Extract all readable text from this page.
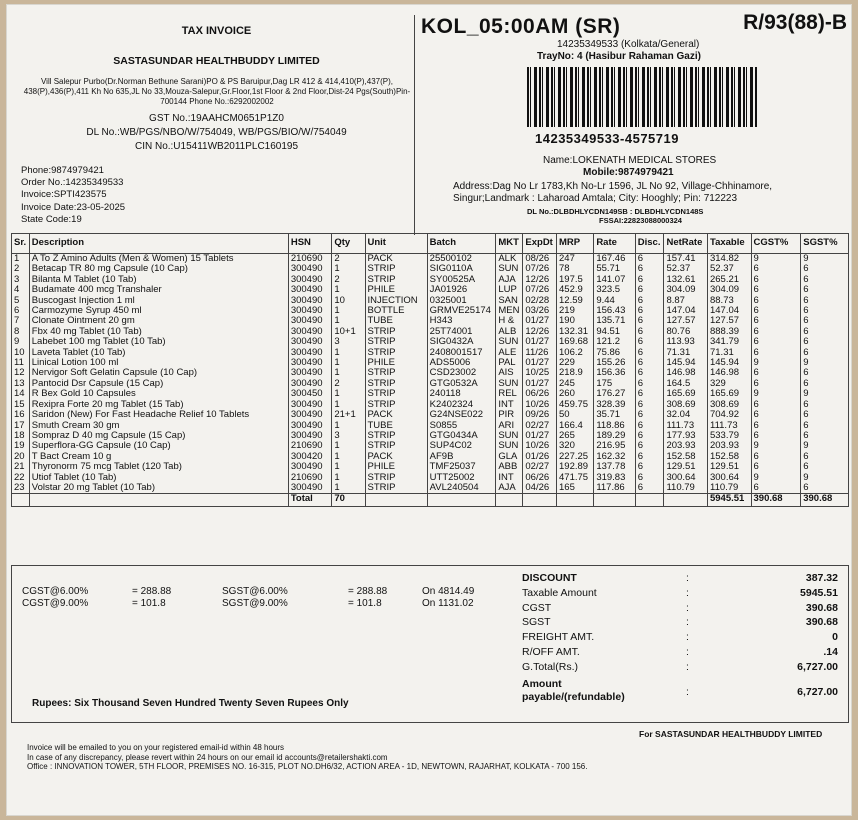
TAX INVOICE
SASTASUNDAR HEALTHBUDDY LIMITED
Vill Salepur Purbo(Dr.Norman Bethune Sarani)PO & PS Baruipur,Dag LR 412 & 414,410(P),437(P), 438(P),436(P),411 Kh No 635,JL No 33,Mouza-Salepur,Gr.Floor,1st Floor & 2nd Floor,Dist-24 Pgs(South)Pin-700144 Phone No.:6292002002
GST No.:19AAHCM0651P1Z0
DL No.:WB/PGS/NBO/W/754049, WB/PGS/BIO/W/754049
CIN No.:U15411WB2011PLC160195
Phone:9874979421
Order No.:14235349533
Invoice:SPTI423575
Invoice Date:23-05-2025
State Code:19
KOL_05:00AM (SR)	R/93(88)-B
14235349533 (Kolkata/General)
TrayNo: 4 (Hasibur Rahaman Gazi)
14235349533-4575719
Name:LOKENATH MEDICAL STORES
Mobile:9874979421
Address:Dag No Lr 1783,Kh No-Lr 1596, JL No 92, Village-Chhinamore, Singur;Landmark : Laharoad Amtala; City: Hooghly; Pin: 712223
DL No.:DLBDHLYCDN149SB : DLBDHLYCDN148S
FSSAI:22823088000324
Sr.	Description	HSN	Qty	Unit	Batch	MKT	ExpDt	MRP	Rate	Disc.	NetRate	Taxable	CGST%	SGST%
1	A To Z Amino Adults (Men & Women) 15 Tablets	210690	2	PACK	25500102	ALK	08/26	247	167.46	6	157.41	314.82	9	9
2	Betacap TR 80 mg Capsule (10 Cap)	300490	1	STRIP	SIG0110A	SUN	07/26	78	55.71	6	52.37	52.37	6	6
3	Bilanta M Tablet (10 Tab)	300490	2	STRIP	SY00525A	AJA	12/26	197.5	141.07	6	132.61	265.21	6	6
4	Budamate 400 mcg Transhaler	300490	1	PHILE	JA01926	LUP	07/26	452.9	323.5	6	304.09	304.09	6	6
5	Buscogast Injection 1 ml	300490	10	INJECTION	0325001	SAN	02/28	12.59	9.44	6	8.87	88.73	6	6
6	Carmozyme Syrup 450 ml	300490	1	BOTTLE	GRMVE25174	MEN	03/26	219	156.43	6	147.04	147.04	6	6
7	Clonate Ointment 20 gm	300490	1	TUBE	H343	H &	01/27	190	135.71	6	127.57	127.57	6	6
8	Fbx 40 mg Tablet (10 Tab)	300490	10+1	STRIP	25T74001	ALB	12/26	132.31	94.51	6	80.76	888.39	6	6
9	Labebet 100 mg Tablet (10 Tab)	300490	3	STRIP	SIG0432A	SUN	01/27	169.68	121.2	6	113.93	341.79	6	6
10	Laveta Tablet (10 Tab)	300490	1	STRIP	2408001517	ALE	11/26	106.2	75.86	6	71.31	71.31	6	6
11	Linical Lotion 100 ml	300490	1	PHILE	ADS5006	PAL	01/27	229	155.26	6	145.94	145.94	9	9
12	Nervigor Soft Gelatin Capsule (10 Cap)	300490	1	STRIP	CSD23002	AIS	10/25	218.9	156.36	6	146.98	146.98	6	6
13	Pantocid Dsr Capsule (15 Cap)	300490	2	STRIP	GTG0532A	SUN	01/27	245	175	6	164.5	329	6	6
14	R Bex Gold 10 Capsules	300450	1	STRIP	240118	REL	06/26	260	176.27	6	165.69	165.69	9	9
15	Rexipra Forte 20 mg Tablet (15 Tab)	300490	1	STRIP	K2402324	INT	10/26	459.75	328.39	6	308.69	308.69	6	6
16	Saridon (New) For Fast Headache Relief 10 Tablets	300490	21+1	PACK	G24NSE022	PIR	09/26	50	35.71	6	32.04	704.92	6	6
17	Smuth Cream 30 gm	300490	1	TUBE	S0855	ARI	02/27	166.4	118.86	6	111.73	111.73	6	6
18	Sompraz D 40 mg Capsule (15 Cap)	300490	3	STRIP	GTG0434A	SUN	01/27	265	189.29	6	177.93	533.79	6	6
19	Superflora-GG Capsule (10 Cap)	210690	1	STRIP	SUP4C02	SUN	10/26	320	216.95	6	203.93	203.93	9	9
20	T Bact Cream 10 g	300420	1	PACK	AF9B	GLA	01/26	227.25	162.32	6	152.58	152.58	6	6
21	Thyronorm 75 mcg Tablet (120 Tab)	300490	1	PHILE	TMF25037	ABB	02/27	192.89	137.78	6	129.51	129.51	6	6
22	Utiof Tablet (10 Tab)	210690	1	STRIP	UTT25002	INT	06/26	471.75	319.83	6	300.64	300.64	9	9
23	Volstar 20 mg Tablet (10 Tab)	300490	1	STRIP	AVL240504	AJA	04/26	165	117.86	6	110.79	110.79	6	6
		Total	70									5945.51	390.68	390.68
CGST@6.00%	= 288.88	SGST@6.00%	= 288.88	On 4814.49
CGST@9.00%	= 101.8	SGST@9.00%	= 101.8	On 1131.02
Rupees: Six Thousand Seven Hundred Twenty Seven Rupees Only
DISCOUNT	:	387.32
Taxable Amount	:	5945.51
CGST	:	390.68
SGST	:	390.68
FREIGHT AMT.	:	0
R/OFF AMT.	:	.14
G.Total(Rs.)	:	6,727.00
Amount
payable/(refundable)	:	6,727.00
For SASTASUNDAR HEALTHBUDDY LIMITED
Invoice will be emailed to you on your registered email-id within 48 hours
In case of any discrepancy, please revert within 24 hours on our email id accounts@retailershakti.com
Office : INNOVATION TOWER, 5TH FLOOR, PREMISES NO. 16-315, PLOT NO.DH6/32, ACTION AREA - 1D, NEWTOWN, RAJARHAT, KOLKATA - 700 156.
